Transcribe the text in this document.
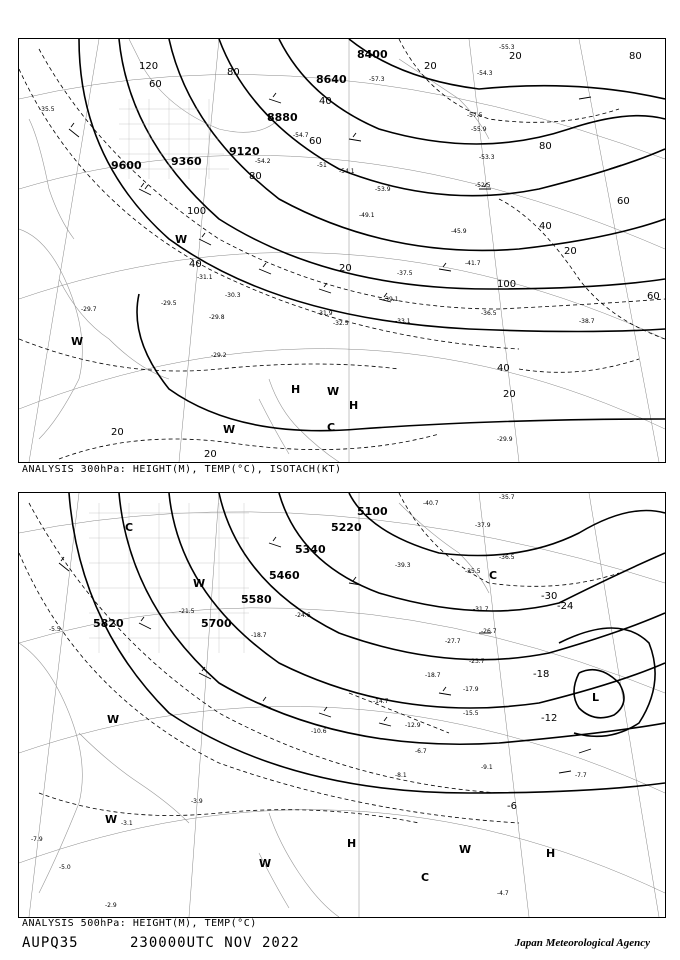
8400
8640
8880
9120
9360
9600
20
40
60
80
100
120
80
60
40
20
80
80
60
40
20
100
60
40
20
20
20
20
H
H
W
W
W	C
W
-35.5
-55.3
-54.3
-57.3
-55.9
-57.5
-54.1
-53.3
-52.5
-54.2
-54.7
-51
-53.9
-49.1
-45.9
-41.7
-37.5
-39.1
-36.5
-38.7
-33.1
-32.5
-31.9
-30.3
-29.5
-29.2
-29.9
-31.1
-29.7
-29.8
ANALYSIS 300hPa: HEIGHT(M), TEMP(°C), ISOTACH(KT)
5100
5220
5340
5460
5580
5700
5820
-30
-24
-18
-12
-6
C
L
C
H
H
W
W
C
W
W
W
-40.7
-35.7
-37.9
-39.3
-36.5
-35.5
-31.7
-27.7
-26.7
-23.7
-18.7
-17.9
-15.5
-14.7
-12.9
-10.6
-8.1
-6.7
-9.1
-7.7
-4.7
-3.9
-7.9
-5.0
-2.9
-3.1
-5.5
-21.5
-18.7
-24.6
ANALYSIS 500hPa: HEIGHT(M), TEMP(°C)
AUPQ35	230000UTC NOV 2022	Japan Meteorological Agency
